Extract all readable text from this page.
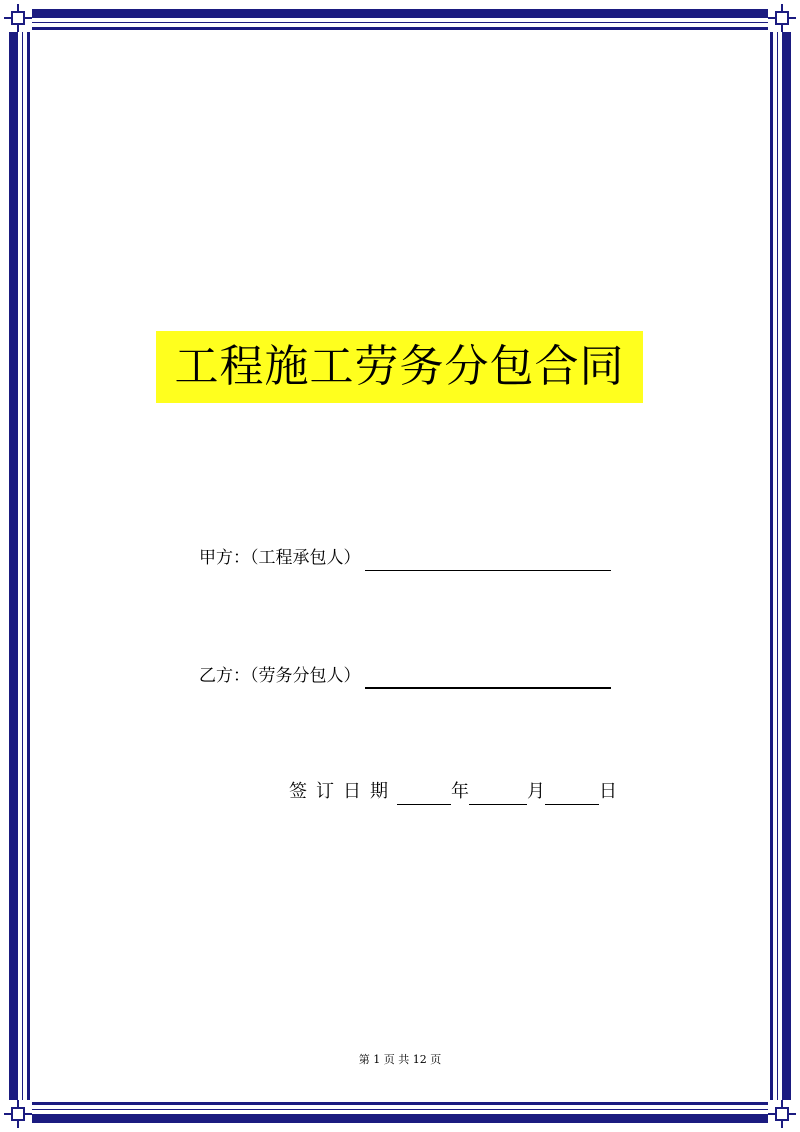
工程施工劳务分包合同
甲方：（工程承包人）
乙方：（劳务分包人）
签订日期	年	月	日
第 1 页 共 12 页
